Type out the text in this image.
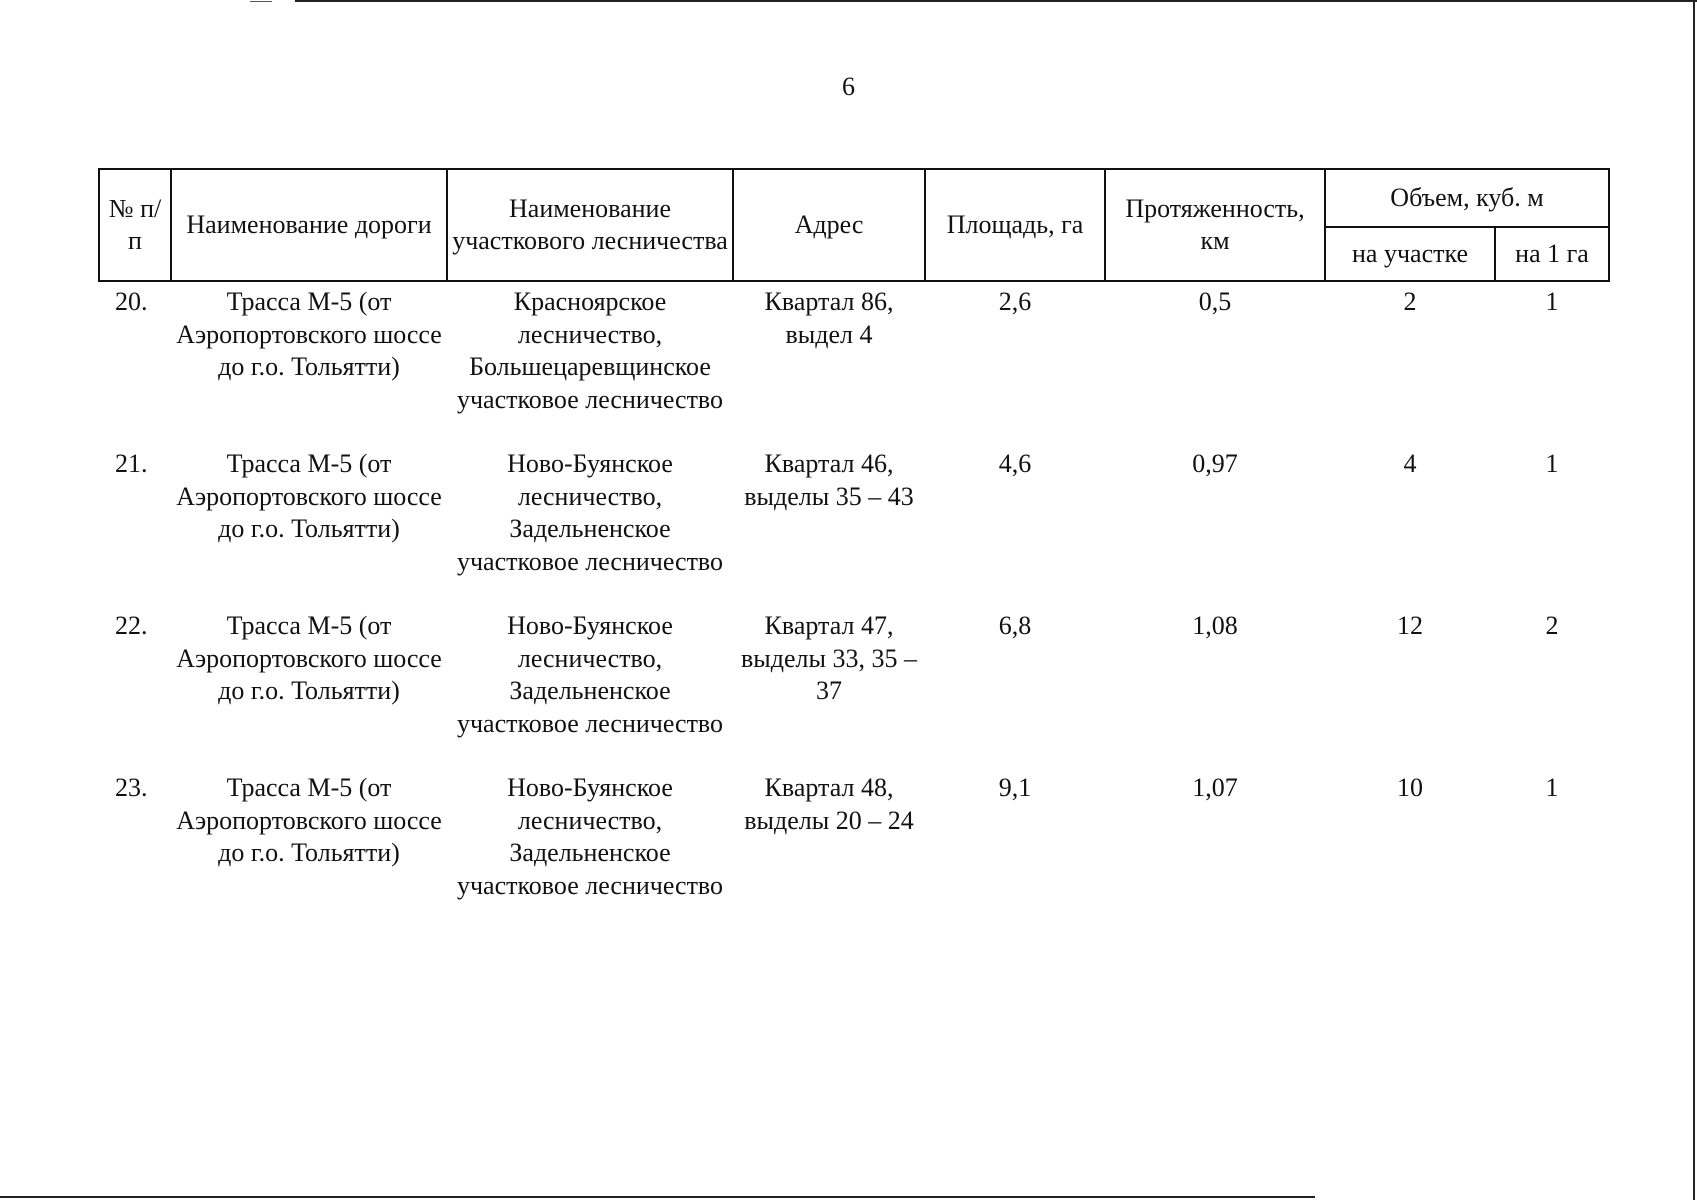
6
№ п/п	Наименование дороги	Наименование участкового лесничества	Адрес	Площадь, га	Протяженность, км	Объем, куб. м	
						на участке	на 1 га
20.	Трасса М-5 (от Аэропортовского шоссе до г.о. Тольятти)	Красноярское лесничество, Большецаревщинское участковое лесничество	Квартал 86, выдел 4	2,6	0,5	2	1
21.	Трасса М-5 (от Аэропортовского шоссе до г.о. Тольятти)	Ново-Буянское лесничество, Задельненское участковое лесничество	Квартал 46, выделы 35 – 43	4,6	0,97	4	1
22.	Трасса М-5 (от Аэропортовского шоссе до г.о. Тольятти)	Ново-Буянское лесничество, Задельненское участковое лесничество	Квартал 47, выделы 33, 35 – 37	6,8	1,08	12	2
23.	Трасса М-5 (от Аэропортовского шоссе до г.о. Тольятти)	Ново-Буянское лесничество, Задельненское участковое лесничество	Квартал 48, выделы 20 – 24	9,1	1,07	10	1
